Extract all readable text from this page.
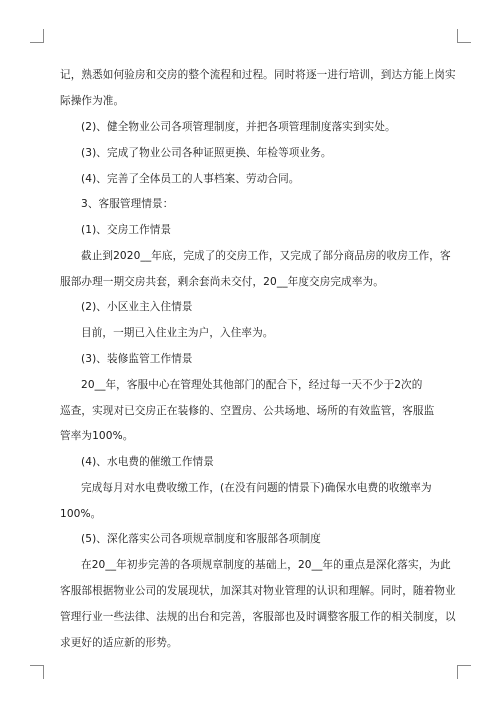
记，熟悉如何验房和交房的整个流程和过程。同时将逐一进行培训，到达方能上岗实
际操作为准。
(2)、健全物业公司各项管理制度，并把各项管理制度落实到实处。
(3)、完成了物业公司各种证照更换、年检等项业务。
(4)、完善了全体员工的人事档案、劳动合同。
3、客服管理情景：
(1)、交房工作情景
截止到2020__年底，完成了的交房工作，又完成了部分商品房的收房工作，客
服部办理一期交房共套，剩余套尚未交付，20__年度交房完成率为。
(2)、小区业主入住情景
目前，一期已入住业主为户，入住率为。
(3)、装修监管工作情景
20__年，客服中心在管理处其他部门的配合下，经过每一天不少于2次的
巡查，实现对已交房正在装修的、空置房、公共场地、场所的有效监管，客服监
管率为100%。
(4)、水电费的催缴工作情景
完成每月对水电费收缴工作，(在没有问题的情景下)确保水电费的收缴率为
100%。
(5)、深化落实公司各项规章制度和客服部各项制度
在20__年初步完善的各项规章制度的基础上，20__年的重点是深化落实，为此
客服部根据物业公司的发展现状，加深其对物业管理的认识和理解。同时，随着物业
管理行业一些法律、法规的出台和完善，客服部也及时调整客服工作的相关制度，以
求更好的适应新的形势。
